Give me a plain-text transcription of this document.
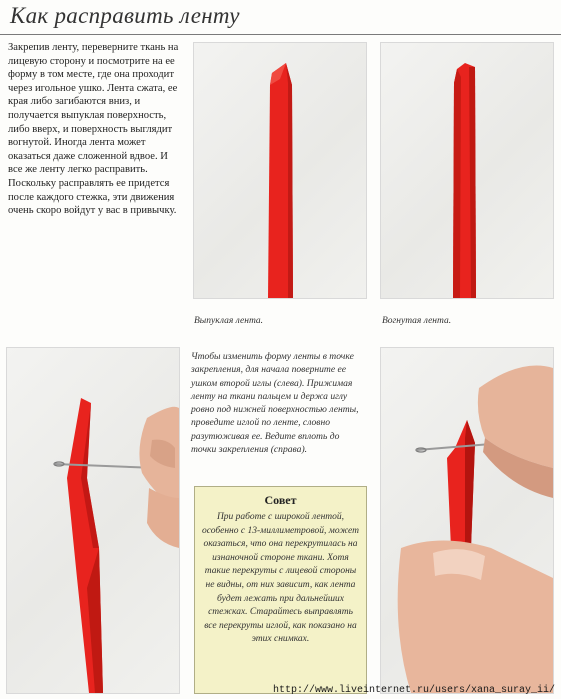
Как расправить ленту
Закрепив ленту, переверните ткань на лицевую сторону и посмотрите на ее форму в том месте, где она проходит через игольное ушко. Лента сжата, ее края либо загибаются вниз, и получается выпуклая поверхность, либо вверх, и поверхность выглядит вогнутой. Иногда лента может оказаться даже сложенной вдвое. И все же ленту легко расправить. Поскольку расправлять ее придется после каждого стежка, эти движения очень скоро войдут у вас в привычку.
Выпуклая лента.	Вогнутая лента.
Чтобы изменить форму ленты в точке закрепления, для начала поверните ее ушком второй иглы (слева). Прижимая ленту на ткани пальцем и держа иглу ровно под нижней поверхностью ленты, проведите иглой по ленте, словно разутюживая ее. Ведите вплоть до точки закрепления (справа).
Совет
При работе с широкой лентой, особенно с 13-миллиметровой, может оказаться, что она перекрутилась на изнаночной стороне ткани. Хотя такие перекруты с лицевой стороны не видны, от них зависит, как лента будет лежать при дальнейших стежках. Старайтесь выправлять все перекруты иглой, как показано на этих снимках.
http://www.liveinternet.ru/users/xana_suray_ii/
